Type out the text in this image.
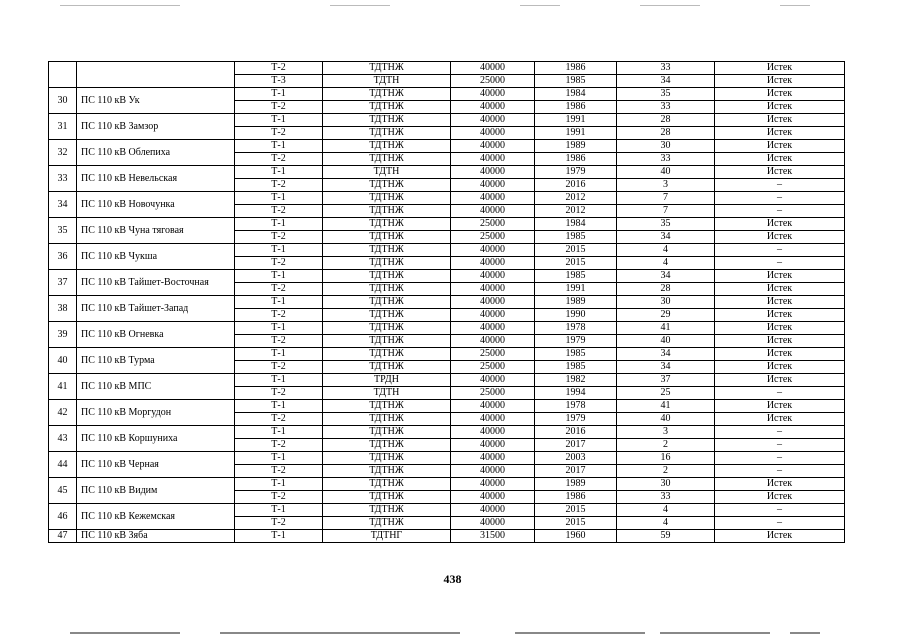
		Т-2	ТДТНЖ	40000	1986	33	Истек
		Т-3	ТДТН	25000	1985	34	Истек
30	ПС 110 кВ Ук	Т-1	ТДТНЖ	40000	1984	35	Истек
		Т-2	ТДТНЖ	40000	1986	33	Истек
31	ПС 110 кВ Замзор	Т-1	ТДТНЖ	40000	1991	28	Истек
		Т-2	ТДТНЖ	40000	1991	28	Истек
32	ПС 110 кВ Облепиха	Т-1	ТДТНЖ	40000	1989	30	Истек
		Т-2	ТДТНЖ	40000	1986	33	Истек
33	ПС 110 кВ Невельская	Т-1	ТДТН	40000	1979	40	Истек
		Т-2	ТДТНЖ	40000	2016	3	–
34	ПС 110 кВ Новочунка	Т-1	ТДТНЖ	40000	2012	7	–
		Т-2	ТДТНЖ	40000	2012	7	–
35	ПС 110 кВ Чуна тяговая	Т-1	ТДТНЖ	25000	1984	35	Истек
		Т-2	ТДТНЖ	25000	1985	34	Истек
36	ПС 110 кВ Чукша	Т-1	ТДТНЖ	40000	2015	4	–
		Т-2	ТДТНЖ	40000	2015	4	–
37	ПС 110 кВ Тайшет-Восточная	Т-1	ТДТНЖ	40000	1985	34	Истек
		Т-2	ТДТНЖ	40000	1991	28	Истек
38	ПС 110 кВ Тайшет-Запад	Т-1	ТДТНЖ	40000	1989	30	Истек
		Т-2	ТДТНЖ	40000	1990	29	Истек
39	ПС 110 кВ Огневка	Т-1	ТДТНЖ	40000	1978	41	Истек
		Т-2	ТДТНЖ	40000	1979	40	Истек
40	ПС 110 кВ Турма	Т-1	ТДТНЖ	25000	1985	34	Истек
		Т-2	ТДТНЖ	25000	1985	34	Истек
41	ПС 110 кВ МПС	Т-1	ТРДН	40000	1982	37	Истек
		Т-2	ТДТН	25000	1994	25	–
42	ПС 110 кВ Моргудон	Т-1	ТДТНЖ	40000	1978	41	Истек
		Т-2	ТДТНЖ	40000	1979	40	Истек
43	ПС 110 кВ Коршуниха	Т-1	ТДТНЖ	40000	2016	3	–
		Т-2	ТДТНЖ	40000	2017	2	–
44	ПС 110 кВ Черная	Т-1	ТДТНЖ	40000	2003	16	–
		Т-2	ТДТНЖ	40000	2017	2	–
45	ПС 110 кВ Видим	Т-1	ТДТНЖ	40000	1989	30	Истек
		Т-2	ТДТНЖ	40000	1986	33	Истек
46	ПС 110 кВ Кежемская	Т-1	ТДТНЖ	40000	2015	4	–
		Т-2	ТДТНЖ	40000	2015	4	–
47	ПС 110 кВ Зяба	Т-1	ТДТНГ	31500	1960	59	Истек
438
